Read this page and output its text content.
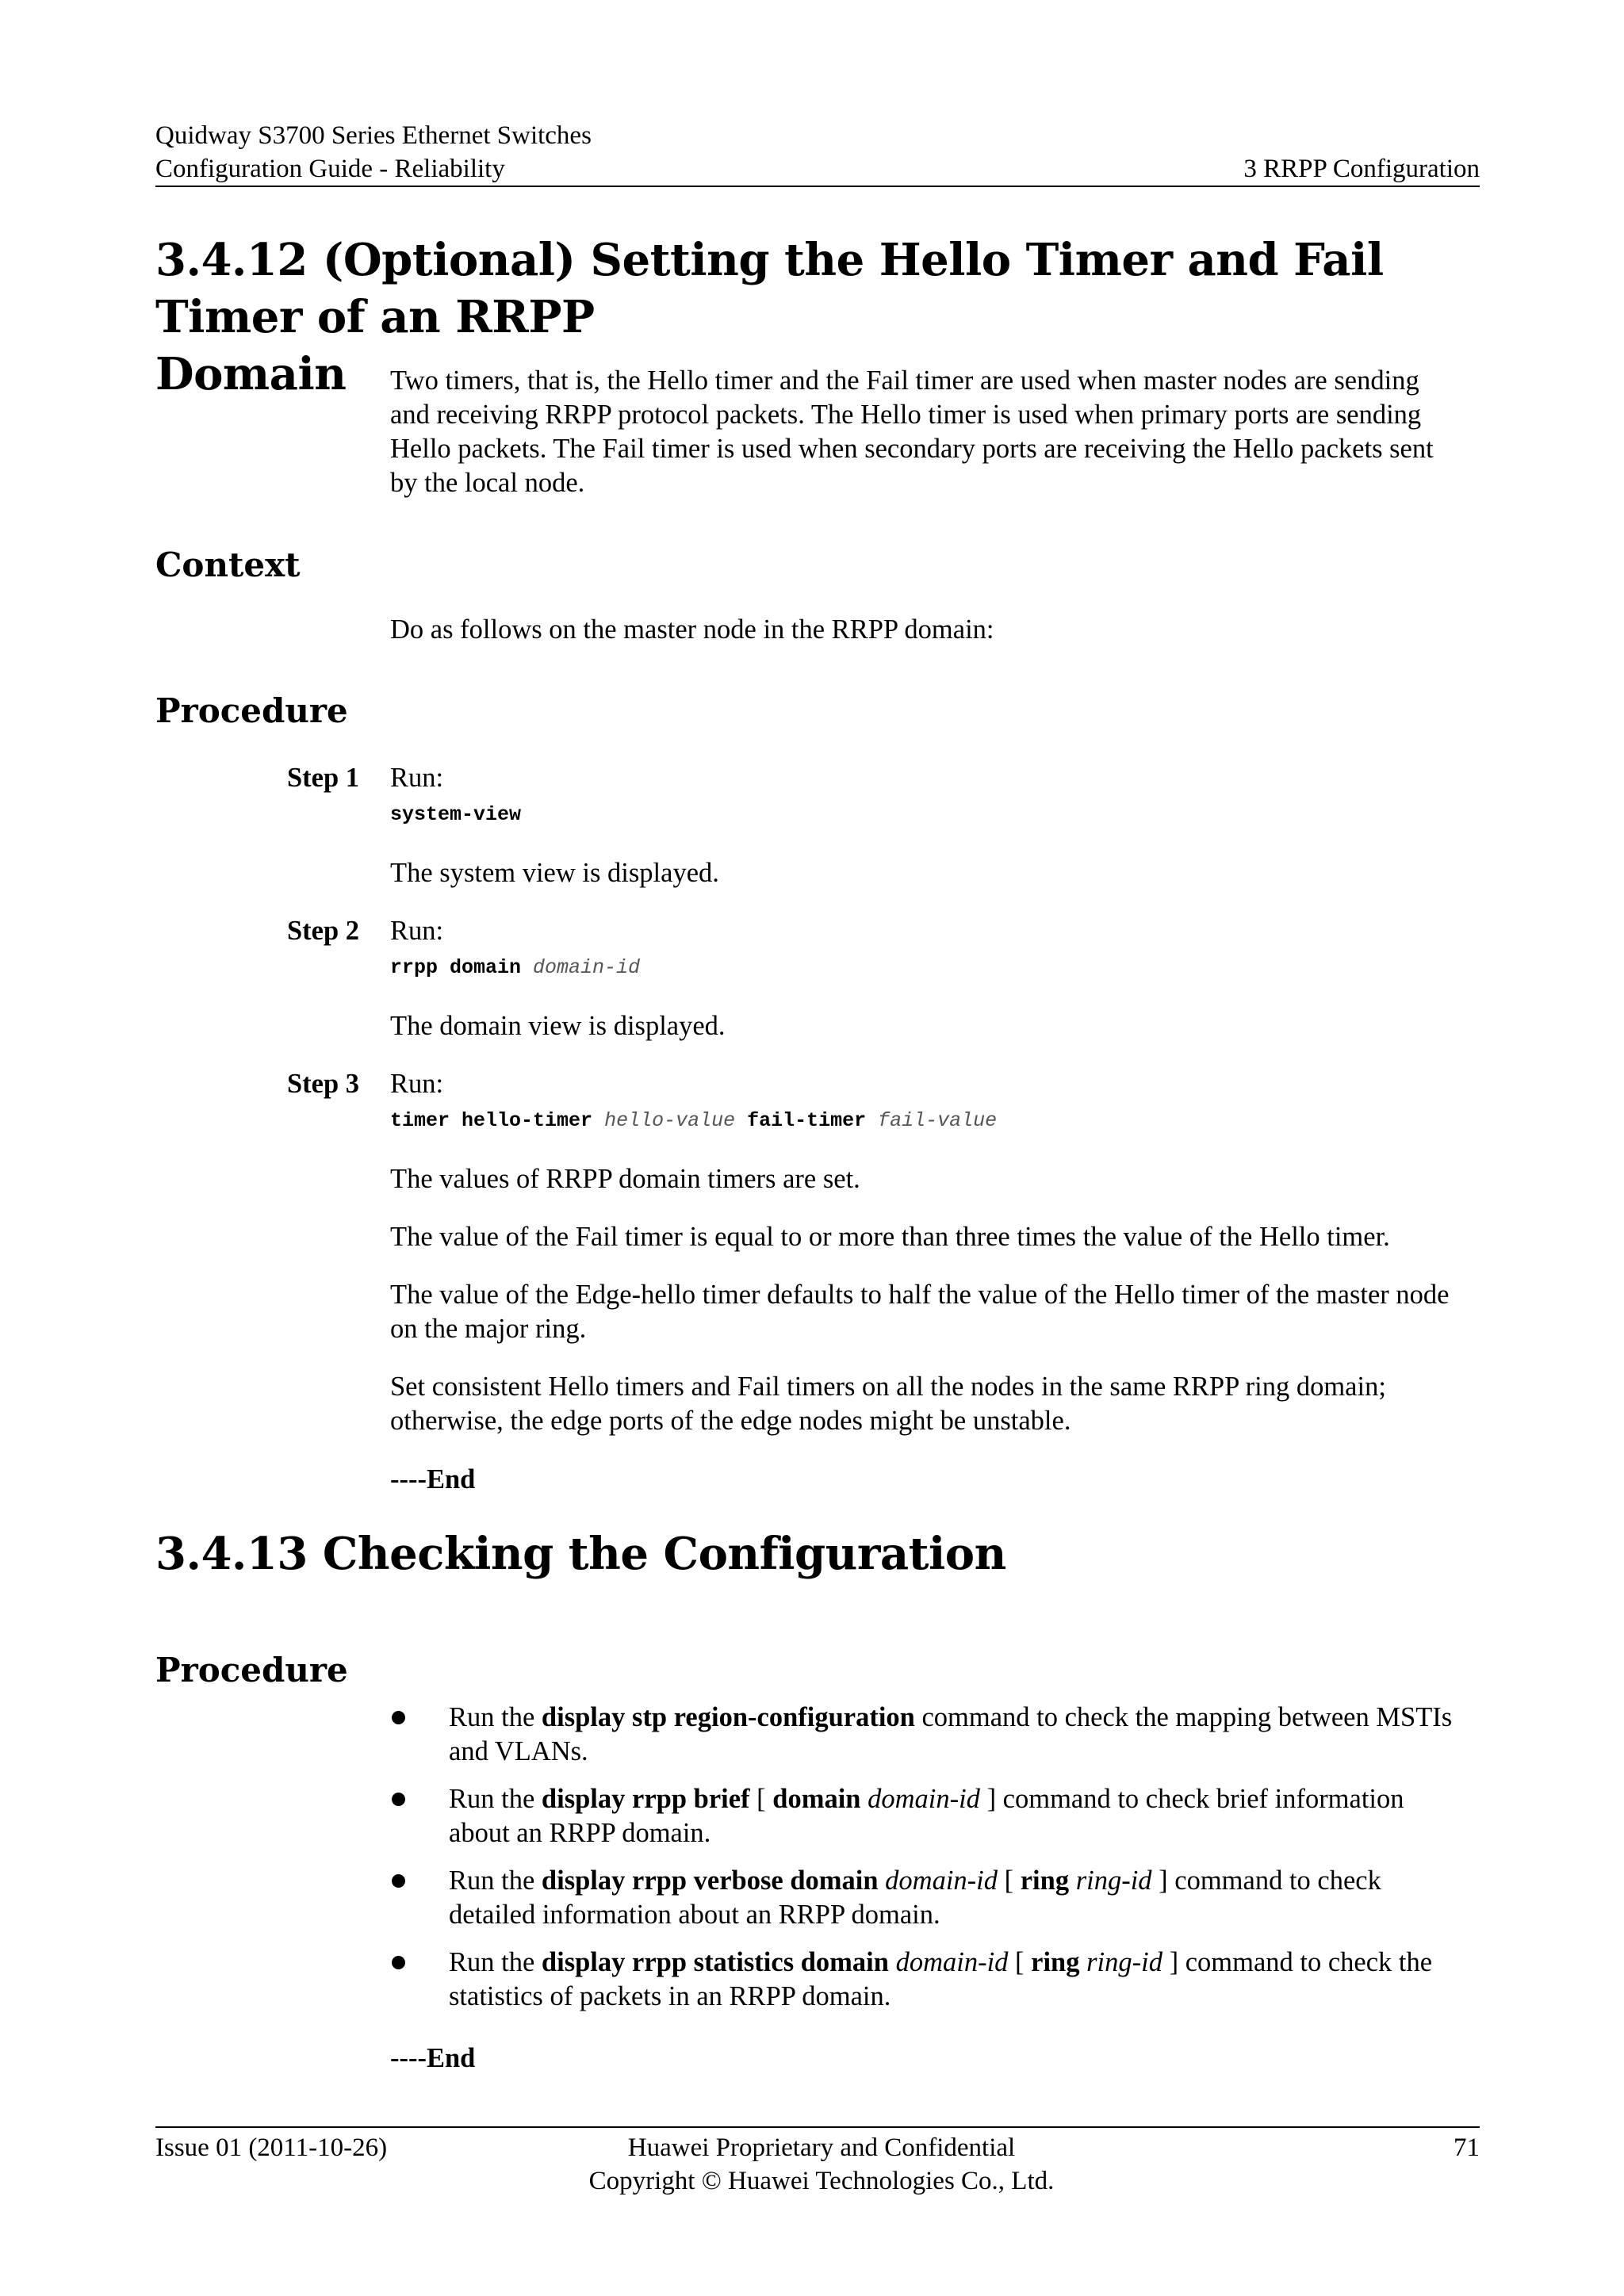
Quidway S3700 Series Ethernet Switches
Configuration Guide - Reliability	3 RRPP Configuration
3.4.12 (Optional) Setting the Hello Timer and Fail Timer of an RRPP
Domain	Two timers, that is, the Hello timer and the Fail timer are used when master nodes are sending
and receiving RRPP protocol packets. The Hello timer is used when primary ports are sending
Hello packets. The Fail timer is used when secondary ports are receiving the Hello packets sent
by the local node.
Context
Do as follows on the master node in the RRPP domain:
Procedure
Step 1 Run:
system-view
The system view is displayed.
Step 2 Run:
rrpp domain domain-id
The domain view is displayed.
Step 3 Run:
timer hello-timer hello-value fail-timer fail-value
The values of RRPP domain timers are set.
The value of the Fail timer is equal to or more than three times the value of the Hello timer.
The value of the Edge-hello timer defaults to half the value of the Hello timer of the master node
on the major ring.
Set consistent Hello timers and Fail timers on all the nodes in the same RRPP ring domain;
otherwise, the edge ports of the edge nodes might be unstable.
----End
3.4.13 Checking the Configuration
Procedure
Run the display stp region-configuration command to check the mapping between MSTIs
and VLANs.
Run the display rrpp brief [ domain domain-id ] command to check brief information
about an RRPP domain.
Run the display rrpp verbose domain domain-id [ ring ring-id ] command to check
detailed information about an RRPP domain.
Run the display rrpp statistics domain domain-id [ ring ring-id ] command to check the
statistics of packets in an RRPP domain.
----End
Issue 01 (2011-10-26)	Huawei Proprietary and Confidential
Copyright © Huawei Technologies Co., Ltd.
71
